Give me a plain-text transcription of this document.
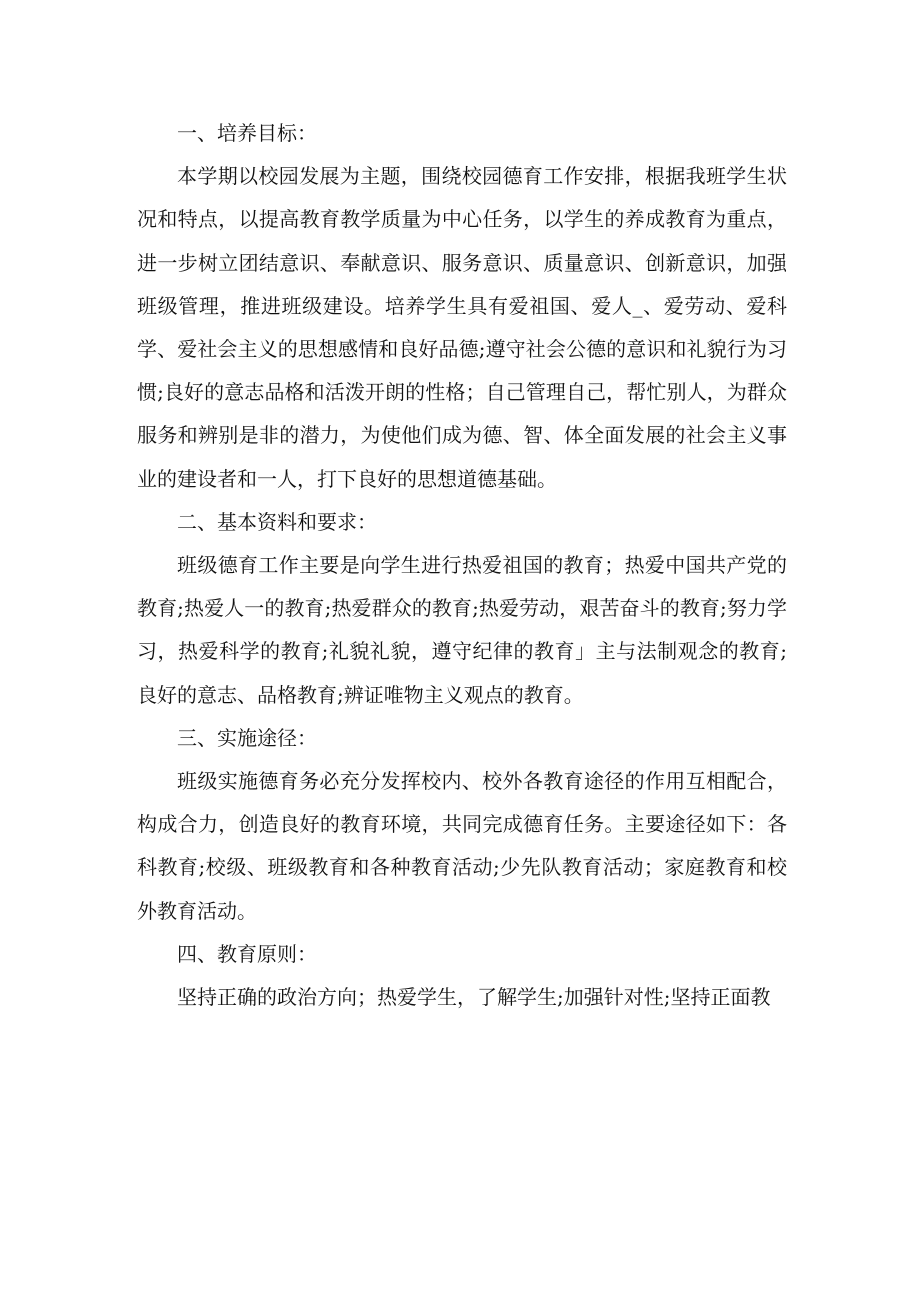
一、培养目标：

本学期以校园发展为主题，围绕校园德育工作安排，根据我班学生状况和特点，以提高教育教学质量为中心任务，以学生的养成教育为重点，进一步树立团结意识、奉献意识、服务意识、质量意识、创新意识，加强班级管理，推进班级建设。培养学生具有爱祖国、爱人_、爱劳动、爱科学、爱社会主义的思想感情和良好品德;遵守社会公德的意识和礼貌行为习惯;良好的意志品格和活泼开朗的性格；自己管理自己，帮忙别人，为群众服务和辨别是非的潜力，为使他们成为德、智、体全面发展的社会主义事业的建设者和一人，打下良好的思想道德基础。

二、基本资料和要求：

班级德育工作主要是向学生进行热爱祖国的教育；热爱中国共产党的教育;热爱人一的教育;热爱群众的教育;热爱劳动，艰苦奋斗的教育;努力学习，热爱科学的教育;礼貌礼貌，遵守纪律的教育」主与法制观念的教育;良好的意志、品格教育;辨证唯物主义观点的教育。

三、实施途径：

班级实施德育务必充分发挥校内、校外各教育途径的作用互相配合，构成合力，创造良好的教育环境，共同完成德育任务。主要途径如下：各科教育;校级、班级教育和各种教育活动;少先队教育活动；家庭教育和校外教育活动。

四、教育原则：

坚持正确的政治方向；热爱学生，了解学生;加强针对性;坚持正面教
